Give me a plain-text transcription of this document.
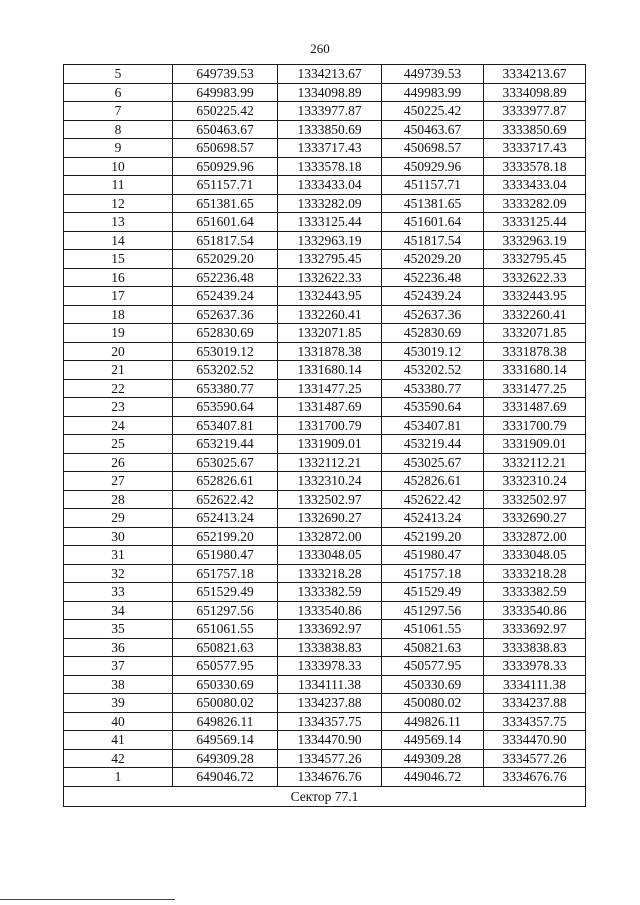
260
5	649739.53	1334213.67	449739.53	3334213.67
6	649983.99	1334098.89	449983.99	3334098.89
7	650225.42	1333977.87	450225.42	3333977.87
8	650463.67	1333850.69	450463.67	3333850.69
9	650698.57	1333717.43	450698.57	3333717.43
10	650929.96	1333578.18	450929.96	3333578.18
11	651157.71	1333433.04	451157.71	3333433.04
12	651381.65	1333282.09	451381.65	3333282.09
13	651601.64	1333125.44	451601.64	3333125.44
14	651817.54	1332963.19	451817.54	3332963.19
15	652029.20	1332795.45	452029.20	3332795.45
16	652236.48	1332622.33	452236.48	3332622.33
17	652439.24	1332443.95	452439.24	3332443.95
18	652637.36	1332260.41	452637.36	3332260.41
19	652830.69	1332071.85	452830.69	3332071.85
20	653019.12	1331878.38	453019.12	3331878.38
21	653202.52	1331680.14	453202.52	3331680.14
22	653380.77	1331477.25	453380.77	3331477.25
23	653590.64	1331487.69	453590.64	3331487.69
24	653407.81	1331700.79	453407.81	3331700.79
25	653219.44	1331909.01	453219.44	3331909.01
26	653025.67	1332112.21	453025.67	3332112.21
27	652826.61	1332310.24	452826.61	3332310.24
28	652622.42	1332502.97	452622.42	3332502.97
29	652413.24	1332690.27	452413.24	3332690.27
30	652199.20	1332872.00	452199.20	3332872.00
31	651980.47	1333048.05	451980.47	3333048.05
32	651757.18	1333218.28	451757.18	3333218.28
33	651529.49	1333382.59	451529.49	3333382.59
34	651297.56	1333540.86	451297.56	3333540.86
35	651061.55	1333692.97	451061.55	3333692.97
36	650821.63	1333838.83	450821.63	3333838.83
37	650577.95	1333978.33	450577.95	3333978.33
38	650330.69	1334111.38	450330.69	3334111.38
39	650080.02	1334237.88	450080.02	3334237.88
40	649826.11	1334357.75	449826.11	3334357.75
41	649569.14	1334470.90	449569.14	3334470.90
42	649309.28	1334577.26	449309.28	3334577.26
1	649046.72	1334676.76	449046.72	3334676.76
Сектор 77.1				
